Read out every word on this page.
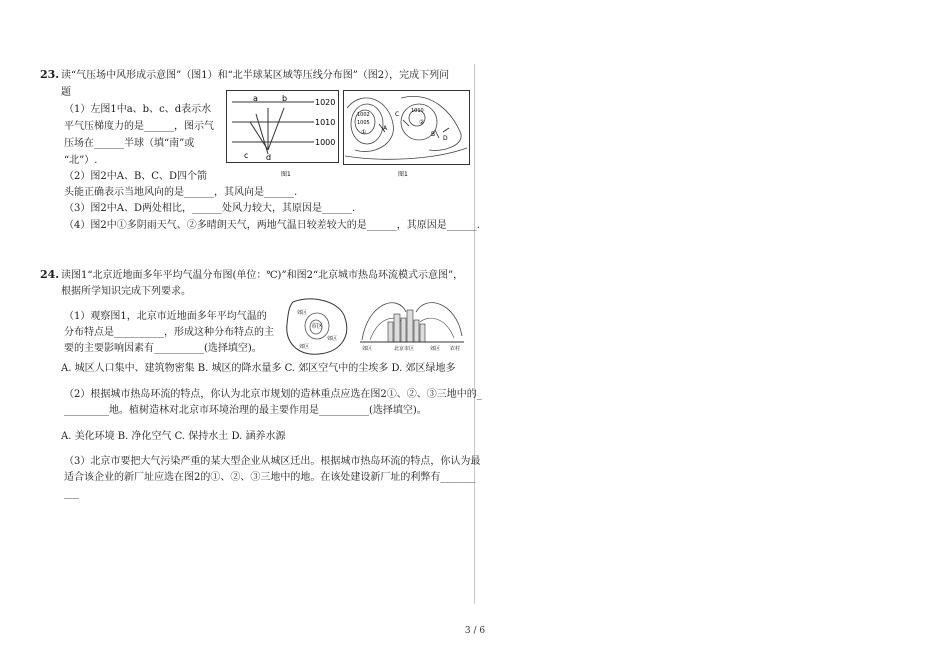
23. 读“气压场中风形成示意图”（图1）和“北半球某区域等压线分布图”（图2），完成下列问
题
（1）左图1中a、b、c、d表示水
平气压梯度力的是______，图示气
压场在______半球（填“南”或
“北”）.
（2）图2中A、B、C、D四个箭
头能正确表示当地风向的是______，其风向是______.
（3）图2中A、D两处相比，______处风力较大，其原因是______.
（4）图2中①多阴雨天气、②多晴朗天气，两地气温日较差较大的是______，其原因是______.
1020
1010
1000
a	b
c d
图1
1002
1005
1010
①
②
A
B
C
D
图1
24. 读图1“北京近地面多年平均气温分布图(单位：℃)”和图2“北京城市热岛环流模式示意图”，
根据所学知识完成下列要求。
（1）观察图1，北京市近地面多年平均气温的
分布特点是__________，形成这种分布特点的主
要的主要影响因素有__________(选择填空)。
A. 城区人口集中、建筑物密集 B. 城区的降水量多 C. 郊区空气中的尘埃多 D. 郊区绿地多
（2）根据城市热岛环流的特点，你认为北京市规划的造林重点应选在图2①、②、③三地中的_
_________地。植树造林对北京市环境治理的最主要作用是__________(选择填空)。
A. 美化环境 B. 净化空气 C. 保持水土 D. 涵养水源
（3）北京市要把大气污染严重的某大型企业从城区迁出。根据城市热岛环流的特点，你认为最
适合该企业的新厂址应选在图2的①、②、③三地中的地。在该处建设新厂址的利弊有_______
___
郊区
市区
郊区
郊区	郊区	北京市区	郊区 农村
3 / 6
